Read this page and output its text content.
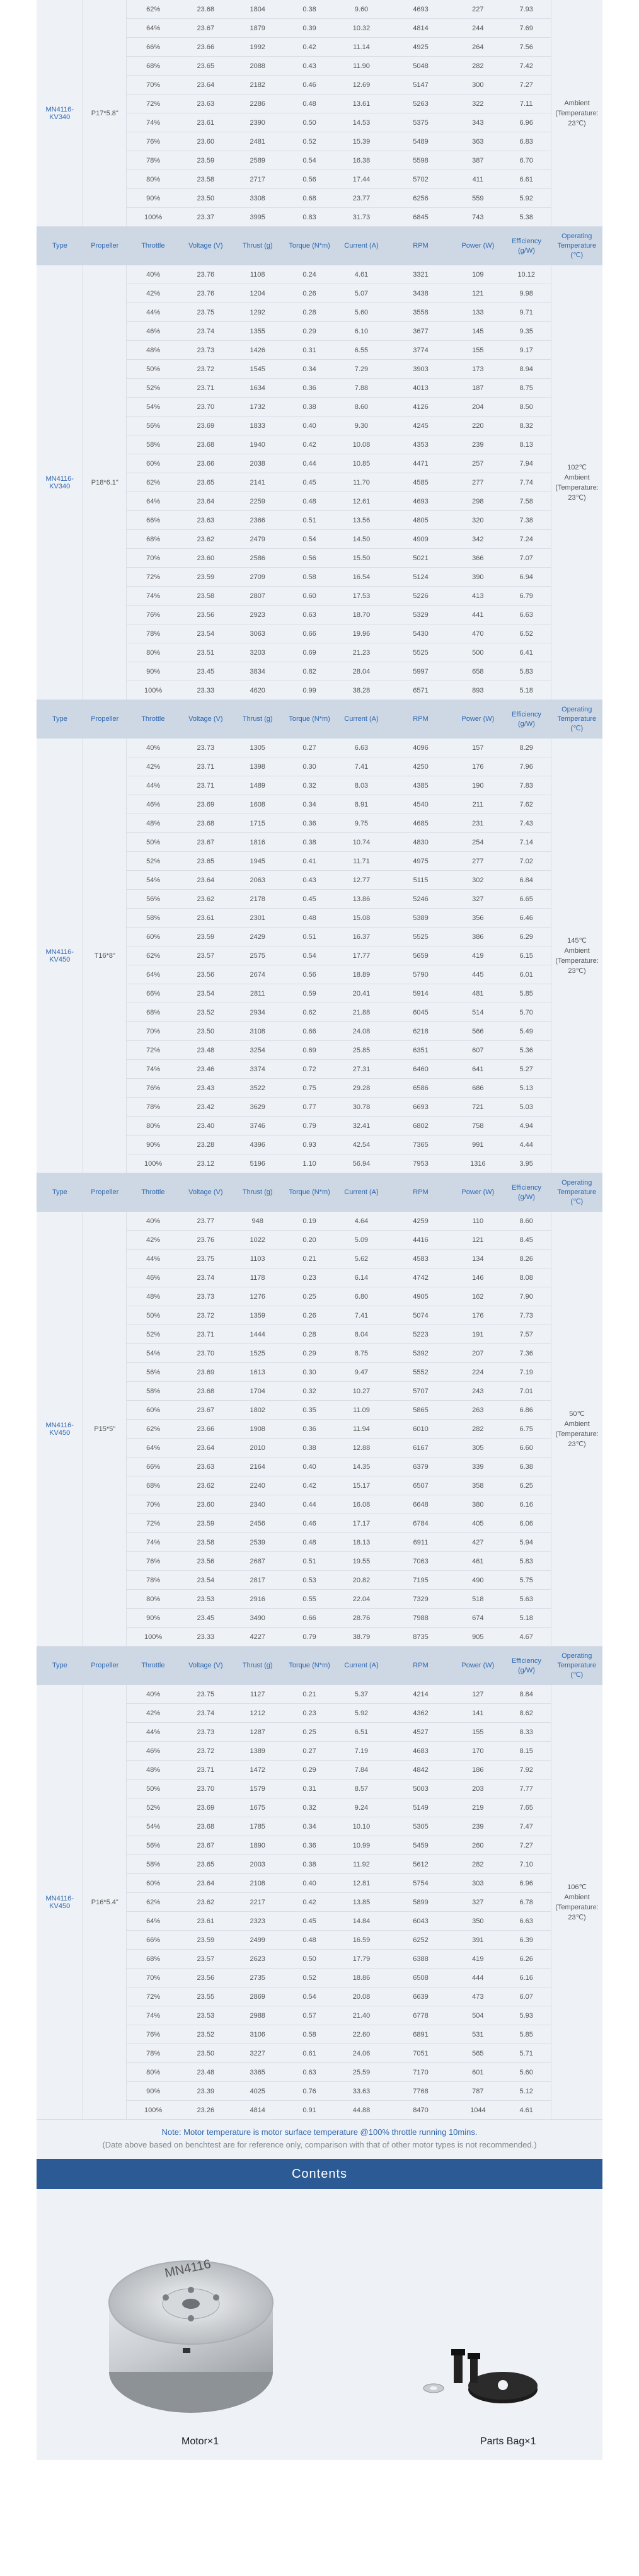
MN4116-KV340	P17*5.8"	62%	23.68	1804	0.38	9.60	4693	227	7.93	Ambient
(Temperature:
23℃)

		64%	23.67	1879	0.39	10.32	4814	244	7.69	
		66%	23.66	1992	0.42	11.14	4925	264	7.56	
		68%	23.65	2088	0.43	11.90	5048	282	7.42	
		70%	23.64	2182	0.46	12.69	5147	300	7.27	
		72%	23.63	2286	0.48	13.61	5263	322	7.11	
		74%	23.61	2390	0.50	14.53	5375	343	6.96	
		76%	23.60	2481	0.52	15.39	5489	363	6.83	
		78%	23.59	2589	0.54	16.38	5598	387	6.70	
		80%	23.58	2717	0.56	17.44	5702	411	6.61	
		90%	23.50	3308	0.68	23.77	6256	559	5.92	
		100%	23.37	3995	0.83	31.73	6845	743	5.38	
Type	Propeller	Throttle	Voltage (V)	Thrust (g)	Torque (N*m)	Current (A)	RPM	Power (W)	Efficiency (g/W)	Operating Temperature (℃)
MN4116-KV340	P18*6.1"	40%	23.76	1108	0.24	4.61	3321	109	10.12	102℃
Ambient
(Temperature:
23℃)

		42%	23.76	1204	0.26	5.07	3438	121	9.98	
		44%	23.75	1292	0.28	5.60	3558	133	9.71	
		46%	23.74	1355	0.29	6.10	3677	145	9.35	
		48%	23.73	1426	0.31	6.55	3774	155	9.17	
		50%	23.72	1545	0.34	7.29	3903	173	8.94	
		52%	23.71	1634	0.36	7.88	4013	187	8.75	
		54%	23.70	1732	0.38	8.60	4126	204	8.50	
		56%	23.69	1833	0.40	9.30	4245	220	8.32	
		58%	23.68	1940	0.42	10.08	4353	239	8.13	
		60%	23.66	2038	0.44	10.85	4471	257	7.94	
		62%	23.65	2141	0.45	11.70	4585	277	7.74	
		64%	23.64	2259	0.48	12.61	4693	298	7.58	
		66%	23.63	2366	0.51	13.56	4805	320	7.38	
		68%	23.62	2479	0.54	14.50	4909	342	7.24	
		70%	23.60	2586	0.56	15.50	5021	366	7.07	
		72%	23.59	2709	0.58	16.54	5124	390	6.94	
		74%	23.58	2807	0.60	17.53	5226	413	6.79	
		76%	23.56	2923	0.63	18.70	5329	441	6.63	
		78%	23.54	3063	0.66	19.96	5430	470	6.52	
		80%	23.51	3203	0.69	21.23	5525	500	6.41	
		90%	23.45	3834	0.82	28.04	5997	658	5.83	
		100%	23.33	4620	0.99	38.28	6571	893	5.18	
Type	Propeller	Throttle	Voltage (V)	Thrust (g)	Torque (N*m)	Current (A)	RPM	Power (W)	Efficiency (g/W)	Operating Temperature (℃)
MN4116-KV450	T16*8"	40%	23.73	1305	0.27	6.63	4096	157	8.29	145℃
Ambient
(Temperature:
23℃)

		42%	23.71	1398	0.30	7.41	4250	176	7.96	
		44%	23.71	1489	0.32	8.03	4385	190	7.83	
		46%	23.69	1608	0.34	8.91	4540	211	7.62	
		48%	23.68	1715	0.36	9.75	4685	231	7.43	
		50%	23.67	1816	0.38	10.74	4830	254	7.14	
		52%	23.65	1945	0.41	11.71	4975	277	7.02	
		54%	23.64	2063	0.43	12.77	5115	302	6.84	
		56%	23.62	2178	0.45	13.86	5246	327	6.65	
		58%	23.61	2301	0.48	15.08	5389	356	6.46	
		60%	23.59	2429	0.51	16.37	5525	386	6.29	
		62%	23.57	2575	0.54	17.77	5659	419	6.15	
		64%	23.56	2674	0.56	18.89	5790	445	6.01	
		66%	23.54	2811	0.59	20.41	5914	481	5.85	
		68%	23.52	2934	0.62	21.88	6045	514	5.70	
		70%	23.50	3108	0.66	24.08	6218	566	5.49	
		72%	23.48	3254	0.69	25.85	6351	607	5.36	
		74%	23.46	3374	0.72	27.31	6460	641	5.27	
		76%	23.43	3522	0.75	29.28	6586	686	5.13	
		78%	23.42	3629	0.77	30.78	6693	721	5.03	
		80%	23.40	3746	0.79	32.41	6802	758	4.94	
		90%	23.28	4396	0.93	42.54	7365	991	4.44	
		100%	23.12	5196	1.10	56.94	7953	1316	3.95	
Type	Propeller	Throttle	Voltage (V)	Thrust (g)	Torque (N*m)	Current (A)	RPM	Power (W)	Efficiency (g/W)	Operating Temperature (℃)
MN4116-KV450	P15*5"	40%	23.77	948	0.19	4.64	4259	110	8.60	50℃
Ambient
(Temperature:
23℃)

		42%	23.76	1022	0.20	5.09	4416	121	8.45	
		44%	23.75	1103	0.21	5.62	4583	134	8.26	
		46%	23.74	1178	0.23	6.14	4742	146	8.08	
		48%	23.73	1276	0.25	6.80	4905	162	7.90	
		50%	23.72	1359	0.26	7.41	5074	176	7.73	
		52%	23.71	1444	0.28	8.04	5223	191	7.57	
		54%	23.70	1525	0.29	8.75	5392	207	7.36	
		56%	23.69	1613	0.30	9.47	5552	224	7.19	
		58%	23.68	1704	0.32	10.27	5707	243	7.01	
		60%	23.67	1802	0.35	11.09	5865	263	6.86	
		62%	23.66	1908	0.36	11.94	6010	282	6.75	
		64%	23.64	2010	0.38	12.88	6167	305	6.60	
		66%	23.63	2164	0.40	14.35	6379	339	6.38	
		68%	23.62	2240	0.42	15.17	6507	358	6.25	
		70%	23.60	2340	0.44	16.08	6648	380	6.16	
		72%	23.59	2456	0.46	17.17	6784	405	6.06	
		74%	23.58	2539	0.48	18.13	6911	427	5.94	
		76%	23.56	2687	0.51	19.55	7063	461	5.83	
		78%	23.54	2817	0.53	20.82	7195	490	5.75	
		80%	23.53	2916	0.55	22.04	7329	518	5.63	
		90%	23.45	3490	0.66	28.76	7988	674	5.18	
		100%	23.33	4227	0.79	38.79	8735	905	4.67	
Type	Propeller	Throttle	Voltage (V)	Thrust (g)	Torque (N*m)	Current (A)	RPM	Power (W)	Efficiency (g/W)	Operating Temperature (℃)
MN4116-KV450	P16*5.4"	40%	23.75	1127	0.21	5.37	4214	127	8.84	106℃
Ambient
(Temperature:
23℃)

		42%	23.74	1212	0.23	5.92	4362	141	8.62	
		44%	23.73	1287	0.25	6.51	4527	155	8.33	
		46%	23.72	1389	0.27	7.19	4683	170	8.15	
		48%	23.71	1472	0.29	7.84	4842	186	7.92	
		50%	23.70	1579	0.31	8.57	5003	203	7.77	
		52%	23.69	1675	0.32	9.24	5149	219	7.65	
		54%	23.68	1785	0.34	10.10	5305	239	7.47	
		56%	23.67	1890	0.36	10.99	5459	260	7.27	
		58%	23.65	2003	0.38	11.92	5612	282	7.10	
		60%	23.64	2108	0.40	12.81	5754	303	6.96	
		62%	23.62	2217	0.42	13.85	5899	327	6.78	
		64%	23.61	2323	0.45	14.84	6043	350	6.63	
		66%	23.59	2499	0.48	16.59	6252	391	6.39	
		68%	23.57	2623	0.50	17.79	6388	419	6.26	
		70%	23.56	2735	0.52	18.86	6508	444	6.16	
		72%	23.55	2869	0.54	20.08	6639	473	6.07	
		74%	23.53	2988	0.57	21.40	6778	504	5.93	
		76%	23.52	3106	0.58	22.60	6891	531	5.85	
		78%	23.50	3227	0.61	24.06	7051	565	5.71	
		80%	23.48	3365	0.63	25.59	7170	601	5.60	
		90%	23.39	4025	0.76	33.63	7768	787	5.12	
		100%	23.26	4814	0.91	44.88	8470	1044	4.61	
Note: Motor temperature is motor surface temperature @100% throttle running 10mins.
(Date above based on benchtest are for reference only, comparison with that of other motor types is not recommended.)
Contents
MN4116
Motor×1	Parts Bag×1
